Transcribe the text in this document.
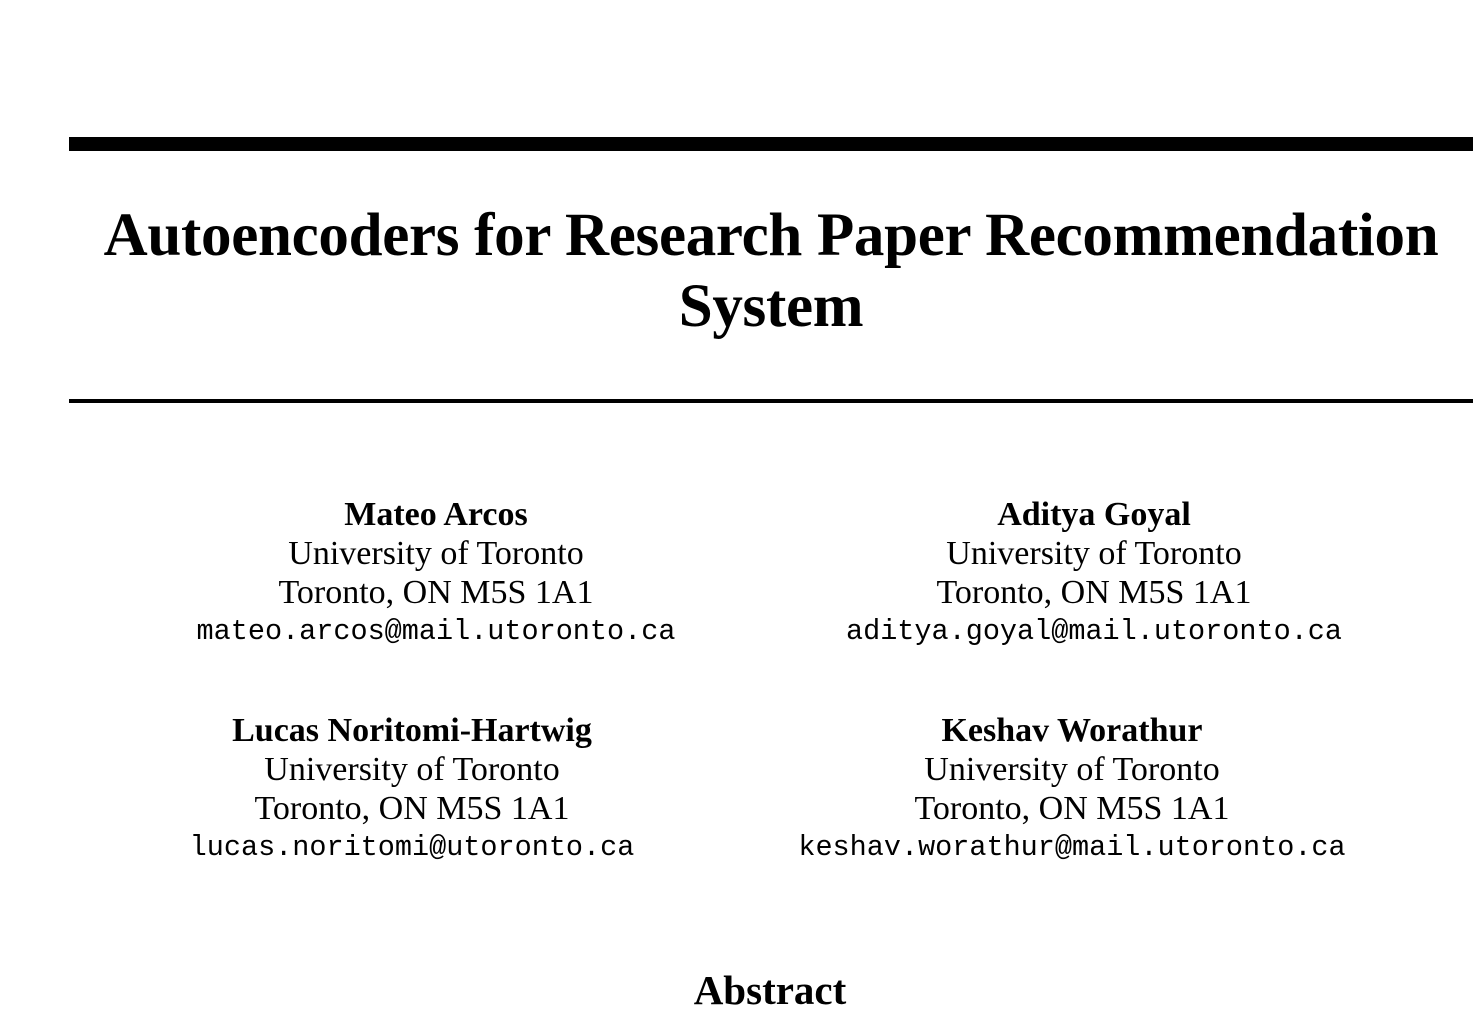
Autoencoders for Research Paper Recommendation
System
Mateo Arcos
University of Toronto
Toronto, ON M5S 1A1
mateo.arcos@mail.utoronto.ca
Aditya Goyal
University of Toronto
Toronto, ON M5S 1A1
aditya.goyal@mail.utoronto.ca
Lucas Noritomi-Hartwig
University of Toronto
Toronto, ON M5S 1A1
lucas.noritomi@utoronto.ca
Keshav Worathur
University of Toronto
Toronto, ON M5S 1A1
keshav.worathur@mail.utoronto.ca
Abstract
